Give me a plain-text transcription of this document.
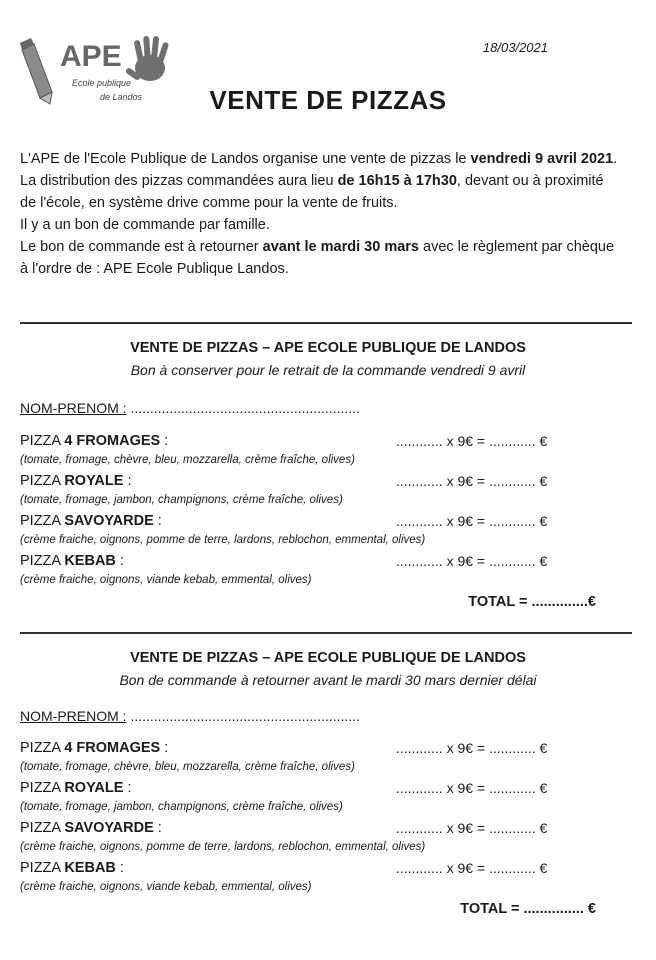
APE
Ecole publique
de Landos
18/03/2021
VENTE DE PIZZAS

L'APE de l'Ecole Publique de Landos organise une vente de pizzas le vendredi 9 avril 2021.

La distribution des pizzas commandées aura lieu de 16h15 à 17h30, devant ou à proximité de l'école, en système drive comme pour la vente de fruits.

Il y a un bon de commande par famille.

Le bon de commande est à retourner avant le mardi 30 mars avec le règlement par chèque à l'ordre de : APE Ecole Publique Landos.

VENTE DE PIZZAS – APE ECOLE PUBLIQUE DE LANDOS
Bon à conserver pour le retrait de la commande vendredi 9 avril
NOM-PRENOM : ...........................................................
PIZZA 4 FROMAGES :	............ x 9€ = ............ €
(tomate, fromage, chèvre, bleu, mozzarella, crème fraîche, olives)
PIZZA ROYALE :	............ x 9€ = ............ €
(tomate, fromage, jambon, champignons, crème fraîche, olives)
PIZZA SAVOYARDE :	............ x 9€ = ............ €
(crème fraiche, oignons, pomme de terre, lardons, reblochon, emmental, olives)
PIZZA KEBAB :	............ x 9€ = ............ €
(crème fraiche, oignons, viande kebab, emmental, olives)
TOTAL = ..............€
VENTE DE PIZZAS – APE ECOLE PUBLIQUE DE LANDOS
Bon de commande à retourner avant le mardi 30 mars dernier délai
NOM-PRENOM : ...........................................................
PIZZA 4 FROMAGES :	............ x 9€ = ............ €
(tomate, fromage, chèvre, bleu, mozzarella, crème fraîche, olives)
PIZZA ROYALE :	............ x 9€ = ............ €
(tomate, fromage, jambon, champignons, crème fraîche, olives)
PIZZA SAVOYARDE :	............ x 9€ = ............ €
(crème fraiche, oignons, pomme de terre, lardons, reblochon, emmental, olives)
PIZZA KEBAB :	............ x 9€ = ............ €
(crème fraiche, oignons, viande kebab, emmental, olives)
TOTAL = ............... €
